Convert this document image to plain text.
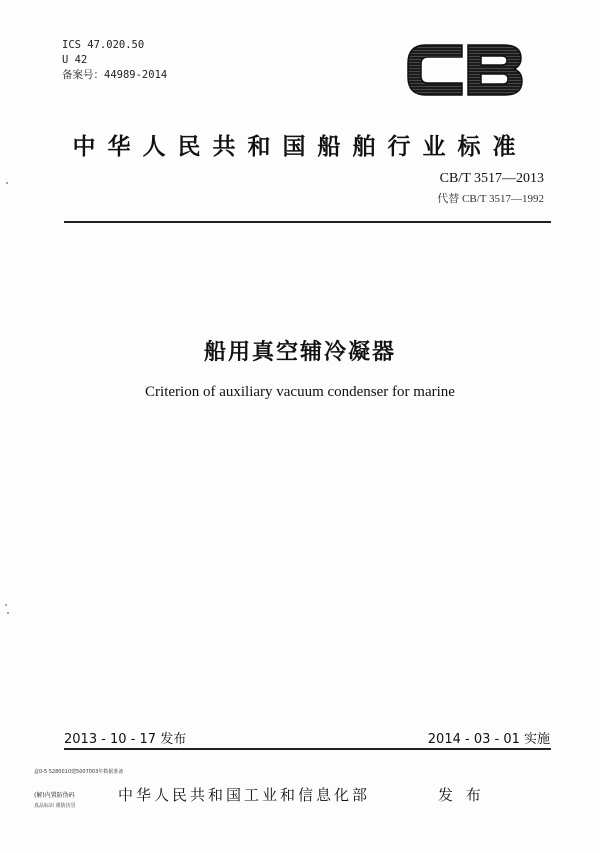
ICS 47.020.50
U 42
备案号：44989-2014
中华人民共和国船舶行业标准
CB/T 3517—2013
代替 CB/T 3517—1992
船用真空辅冷凝器
Criterion of auxiliary vacuum condenser for marine
2013 - 10 - 17 发布	2014 - 03 - 01 实施
盒0-5 5280010建5007003年数据准备
(解)内置防伪码
真品标识 谨防仿冒
中华人民共和国工业和信息化部	发 布
